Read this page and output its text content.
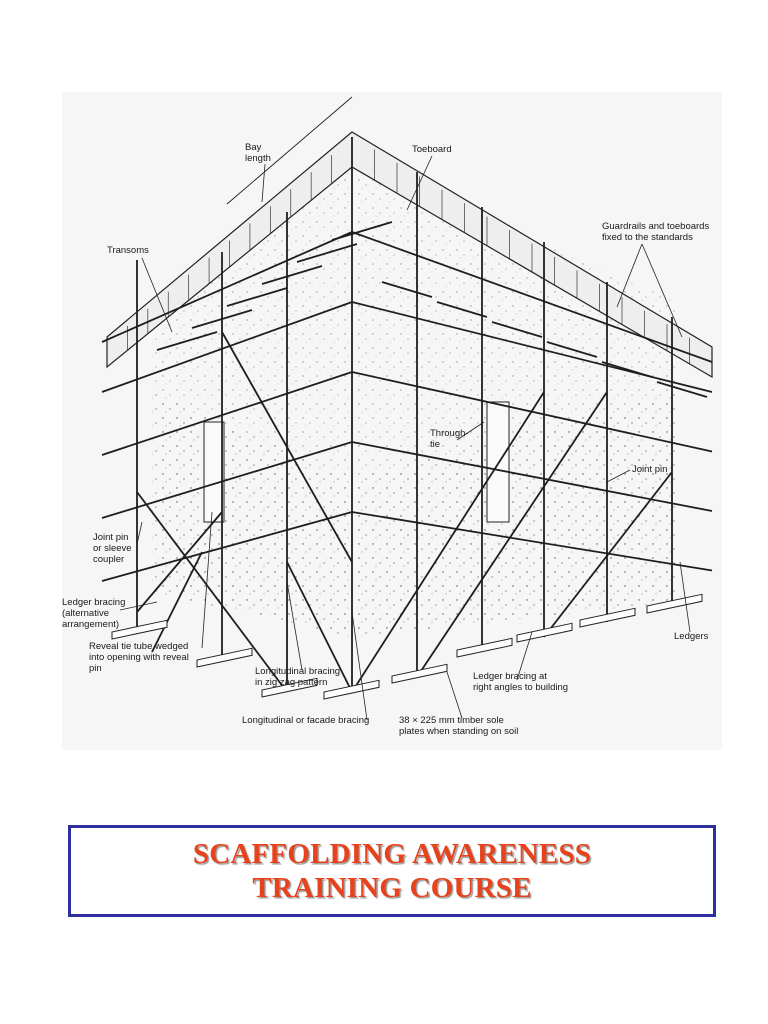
Bay
length
Toeboard
Guardrails and toeboards
fixed to the standards
Transoms
Through-
tie
Joint pin
Joint pin
or sleeve
coupler
Ledger bracing
(alternative
arrangement)
Reveal tie tube wedged
into opening with reveal
pin	Longitudinal bracing
in zig zag pattern
Ledgers
Ledger bracing at
right angles to building
Longitudinal or facade bracing	38 × 225 mm timber sole
plates when standing on soil
SCAFFOLDING AWARENESS
TRAINING COURSE
